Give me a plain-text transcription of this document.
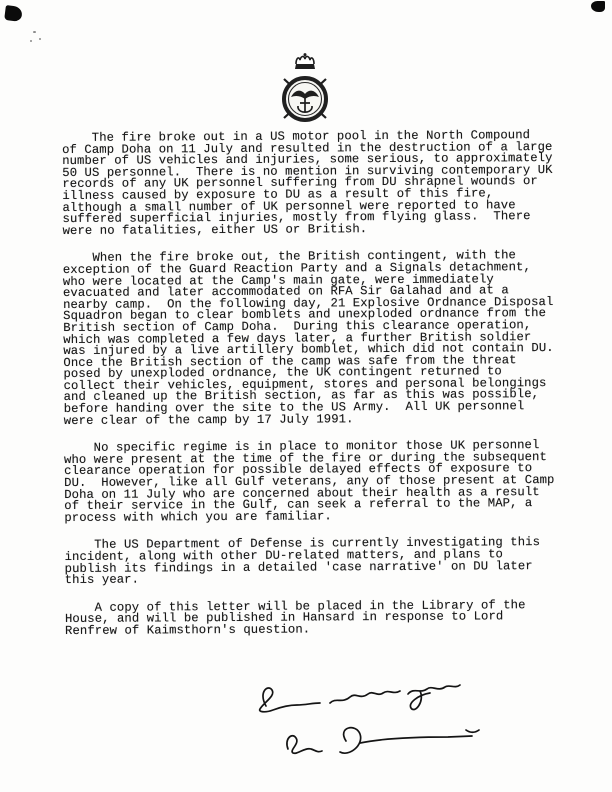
The fire broke out in a US motor pool in the North Compound
of Camp Doha on 11 July and resulted in the destruction of a large
number of US vehicles and injuries, some serious, to approximately
50 US personnel.  There is no mention in surviving contemporary UK
records of any UK personnel suffering from DU shrapnel wounds or
illness caused by exposure to DU as a result of this fire,
although a small number of UK personnel were reported to have
suffered superficial injuries, mostly from flying glass.  There
were no fatalities, either US or British.

When the fire broke out, the British contingent, with the
exception of the Guard Reaction Party and a Signals detachment,
who were located at the Camp's main gate, were immediately
evacuated and later accommodated on RFA Sir Galahad and at a
nearby camp.  On the following day, 21 Explosive Ordnance Disposal
Squadron began to clear bomblets and unexploded ordnance from the
British section of Camp Doha.  During this clearance operation,
which was completed a few days later, a further British soldier
was injured by a live artillery bomblet, which did not contain DU.
Once the British section of the camp was safe from the threat
posed by unexploded ordnance, the UK contingent returned to
collect their vehicles, equipment, stores and personal belongings
and cleaned up the British section, as far as this was possible,
before handing over the site to the US Army.  All UK personnel
were clear of the camp by 17 July 1991.

No specific regime is in place to monitor those UK personnel
who were present at the time of the fire or during the subsequent
clearance operation for possible delayed effects of exposure to
DU.  However, like all Gulf veterans, any of those present at Camp
Doha on 11 July who are concerned about their health as a result
of their service in the Gulf, can seek a referral to the MAP, a
process with which you are familiar.

The US Department of Defense is currently investigating this
incident, along with other DU-related matters, and plans to
publish its findings in a detailed 'case narrative' on DU later
this year.

A copy of this letter will be placed in the Library of the
House, and will be published in Hansard in response to Lord
Renfrew of Kaimsthorn's question.
